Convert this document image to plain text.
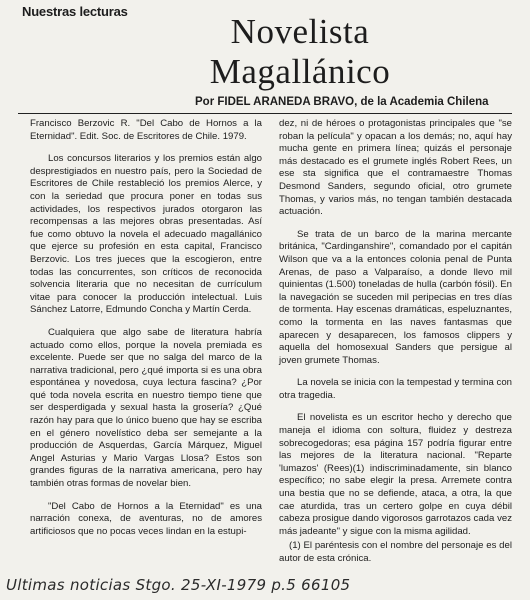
Nuestras lecturas
Novelista
Magallánico
Por FIDEL ARANEDA BRAVO, de la Academia Chilena

Francisco Berzovic R. "Del Cabo de Hornos a la Eternidad". Edit. Soc. de Escritores de Chile. 1979.

Los concursos literarios y los premios están algo desprestigiados en nuestro país, pero la Sociedad de Escritores de Chile restableció los premios Alerce, y con la seriedad que procura poner en todas sus actividades, los respectivos jurados otorgaron las recompensas a las mejores obras presentadas. Así fue como obtuvo la novela el adecuado magallánico que ejerce su profesión en esta capital, Francisco Berzovic. Los tres jueces que la escogieron, entre todas las concurrentes, son críticos de reconocida solvencia literaria que no necesitan de currículum vitae para conocer la producción intelectual. Luis Sánchez Latorre, Edmundo Concha y Martín Cerda.

Cualquiera que algo sabe de literatura habría actuado como ellos, porque la novela premiada es excelente. Puede ser que no salga del marco de la narrativa tradicional, pero ¿qué importa si es una obra espontánea y novedosa, cuya lectura fascina? ¿Por qué toda novela escrita en nuestro tiempo tiene que ser desperdigada y sexual hasta la grosería? ¿Qué razón hay para que lo único bueno que hay se escriba en el género novelístico deba ser semejante a la producción de Asquerdas, García Márquez, Miguel Angel Asturias y Mario Vargas Llosa? Estos son grandes figuras de la narrativa americana, pero hay también otras formas de novelar bien.

"Del Cabo de Hornos a la Eternidad" es una narración conexa, de aventuras, no de amores artificiosos que no pocas veces lindan en la estupi-

dez, ni de héroes o protagonistas principales que "se roban la película" y opacan a los demás; no, aquí hay mucha gente en primera línea; quizás el personaje más destacado es el grumete inglés Robert Rees, un ese sta significa que el contramaestre Thomas Desmond Sanders, segundo oficial, otro grumete Thomas, y varios más, no tengan también destacada actuación.

Se trata de un barco de la marina mercante británica, "Cardinganshire", comandado por el capitán Wilson que va a la entonces colonia penal de Punta Arenas, de paso a Valparaíso, a donde llevo mil quinientas (1.500) toneladas de hulla (carbón fósil). En la navegación se suceden mil peripecias en tres días de tormenta. Hay escenas dramáticas, espeluznantes, como la tormenta en las naves fantasmas que aparecen y desaparecen, los famosos clippers y aquella del homosexual Sanders que persigue al joven grumete Thomas.

La novela se inicia con la tempestad y termina con otra tragedia.

El novelista es un escritor hecho y derecho que maneja el idioma con soltura, fluidez y destreza sobrecogedoras; esa página 157 podría figurar entre las mejores de la literatura nacional. "Reparte 'lumazos' (Rees)(1) indiscriminadamente, sin blanco específico; no sabe elegir la presa. Arremete contra una bestia que no se defiende, ataca, a otra, la que cae aturdida, tras un certero golpe en cuya débil cabeza prosigue dando vigorosos garrotazos cada vez más jadeante" y sigue con la misma agilidad.

(1) El paréntesis con el nombre del personaje es del autor de esta crónica.

Ultimas noticias Stgo. 25-XI-1979 p.5 66105
